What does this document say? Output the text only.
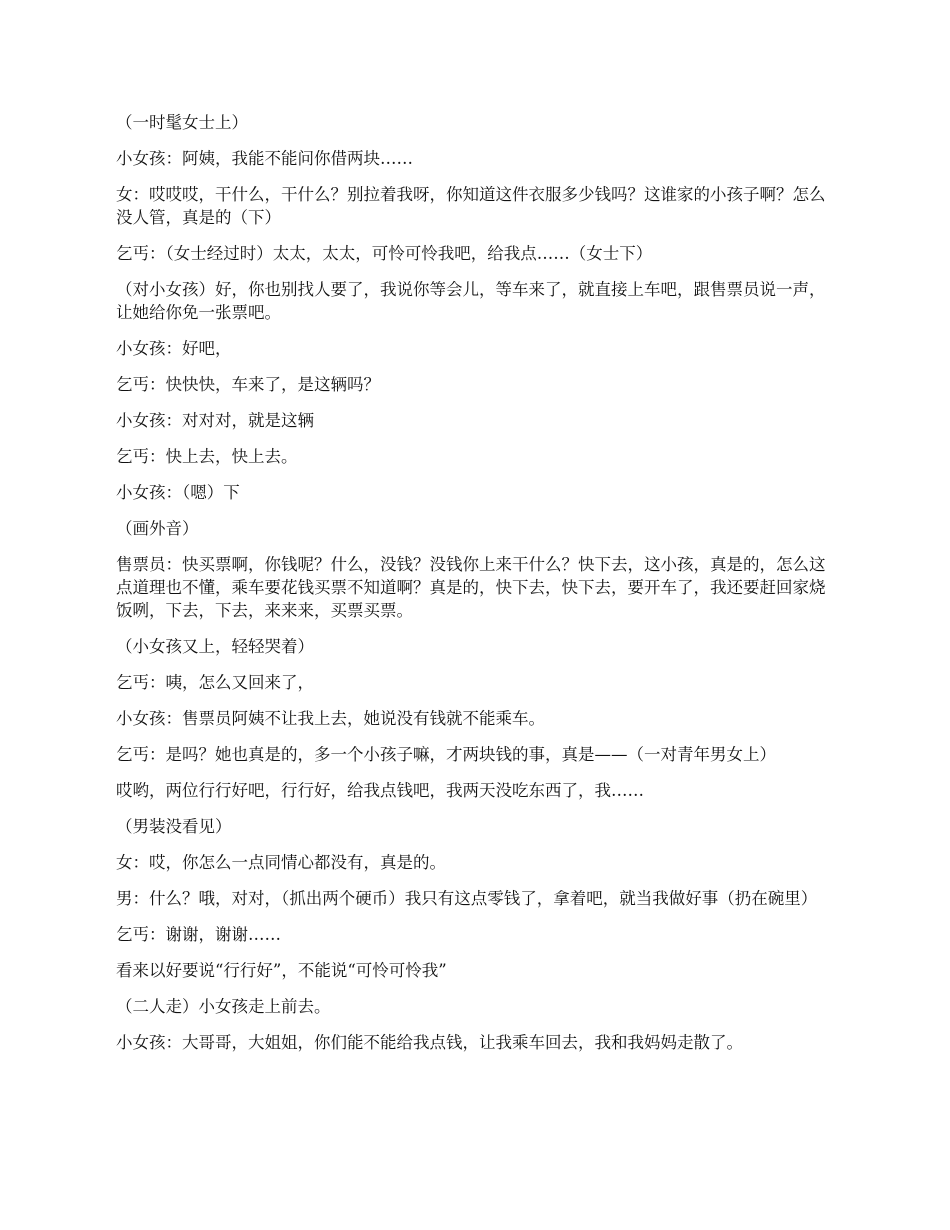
（一时髦女士上）

小女孩：阿姨，我能不能问你借两块……

女：哎哎哎，干什么，干什么？别拉着我呀，你知道这件衣服多少钱吗？这谁家的小孩子啊？怎么没人管，真是的（下）

乞丐：（女士经过时）太太，太太，可怜可怜我吧，给我点……（女士下）

（对小女孩）好，你也别找人要了，我说你等会儿，等车来了，就直接上车吧，跟售票员说一声，让她给你免一张票吧。

小女孩：好吧，

乞丐：快快快，车来了，是这辆吗？

小女孩：对对对，就是这辆

乞丐：快上去，快上去。

小女孩：（嗯）下

（画外音）

售票员：快买票啊，你钱呢？什么，没钱？没钱你上来干什么？快下去，这小孩，真是的，怎么这点道理也不懂，乘车要花钱买票不知道啊？真是的，快下去，快下去，要开车了，我还要赶回家烧饭咧，下去，下去，来来来，买票买票。

（小女孩又上，轻轻哭着）

乞丐：咦，怎么又回来了，

小女孩：售票员阿姨不让我上去，她说没有钱就不能乘车。

乞丐：是吗？她也真是的，多一个小孩子嘛，才两块钱的事，真是——（一对青年男女上）

哎哟，两位行行好吧，行行好，给我点钱吧，我两天没吃东西了，我……

（男装没看见）

女：哎，你怎么一点同情心都没有，真是的。

男：什么？哦，对对，（抓出两个硬币）我只有这点零钱了，拿着吧，就当我做好事（扔在碗里）

乞丐：谢谢，谢谢……

看来以好要说“行行好”，不能说“可怜可怜我”

（二人走）小女孩走上前去。

小女孩：大哥哥，大姐姐，你们能不能给我点钱，让我乘车回去，我和我妈妈走散了。
